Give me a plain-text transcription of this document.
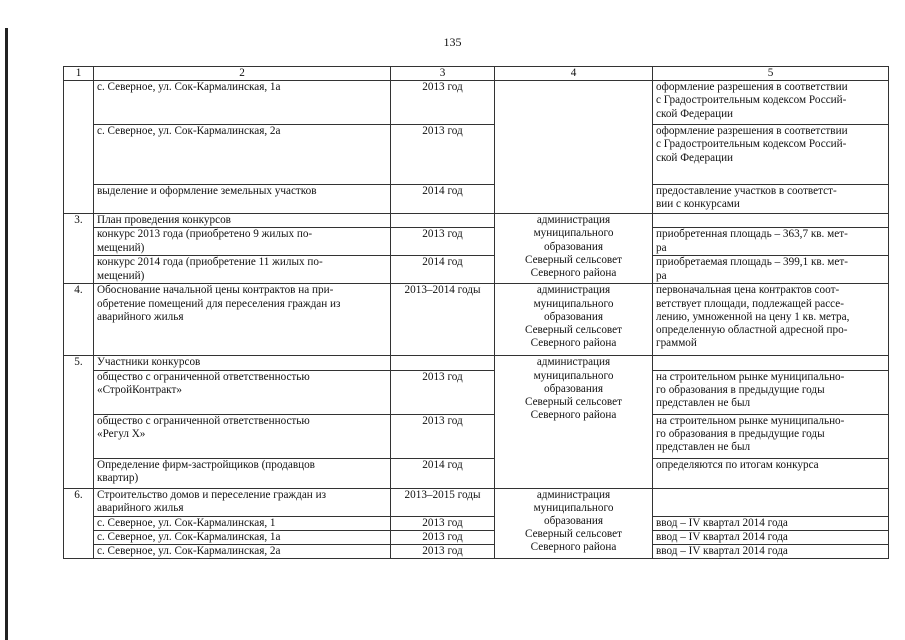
135
1	2	3	4	5
	с. Северное, ул. Сок-Кармалинская, 1а	2013 год		оформление разрешения в соответствии
с Градостроительным кодексом Россий-
ской Федерации
	с. Северное, ул. Сок-Кармалинская, 2а	2013 год		оформление разрешения в соответствии
с Градостроительным кодексом Россий-
ской Федерации
	выделение и оформление земельных участков	2014 год		предоставление участков в соответст-
вии с конкурсами
3.	План проведения конкурсов		администрация
муниципального
образования
Северный сельсовет
Северного района	
	конкурс 2013 года (приобретено 9 жилых по-
мещений)	2013 год		приобретенная площадь – 363,7 кв. мет-
ра
	конкурс 2014 года (приобретение 11 жилых по-
мещений)	2014 год		приобретаемая площадь – 399,1 кв. мет-
ра
4.	Обоснование начальной цены контрактов на при-
обретение помещений для переселения граждан из
аварийного жилья	2013–2014 годы	администрация
муниципального
образования
Северный сельсовет
Северного района	первоначальная цена контрактов соот-
ветствует площади, подлежащей рассе-
лению, умноженной на цену 1 кв. метра,
определенную областной адресной про-
граммой
5.	Участники конкурсов		администрация
муниципального
образования
Северный сельсовет
Северного района	
	общество с ограниченной ответственностью
«СтройКонтракт»	2013 год		на строительном рынке муниципально-
го образования в предыдущие годы
представлен не был
	общество с ограниченной ответственностью
«Регул Х»	2013 год		на строительном рынке муниципально-
го образования в предыдущие годы
представлен не был
	Определение фирм-застройщиков (продавцов
квартир)	2014 год		определяются по итогам конкурса
6.	Строительство домов и переселение граждан из
аварийного жилья	2013–2015 годы	администрация
муниципального
образования
Северный сельсовет
Северного района	
	с. Северное, ул. Сок-Кармалинская, 1	2013 год		ввод – IV квартал 2014 года
	с. Северное, ул. Сок-Кармалинская, 1а	2013 год		ввод – IV квартал 2014 года
	с. Северное, ул. Сок-Кармалинская, 2а	2013 год		ввод – IV квартал 2014 года
